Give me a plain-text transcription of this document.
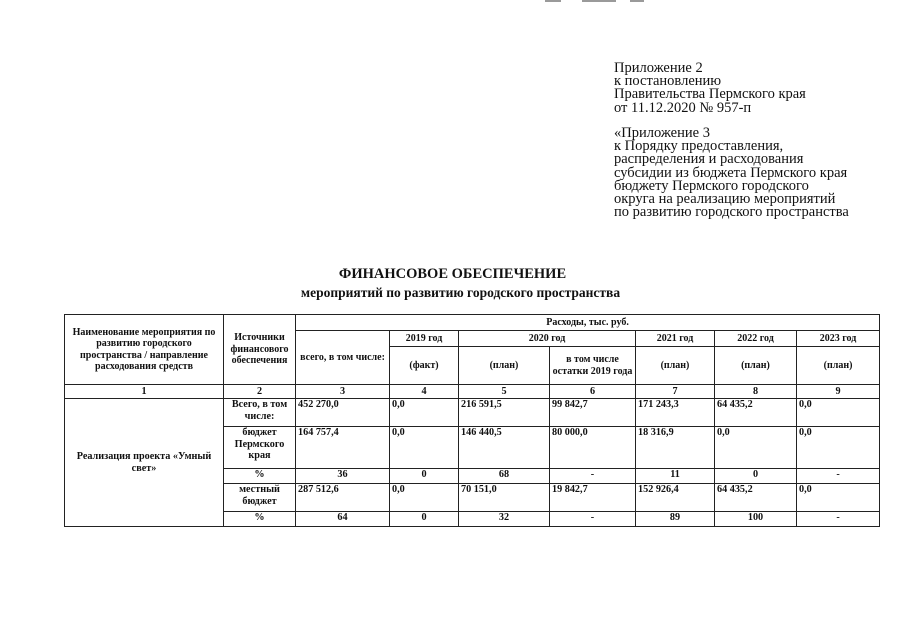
Приложение 2
к постановлению
Правительства Пермского края
от 11.12.2020 № 957-п
«Приложение 3
к Порядку предоставления,
распределения и расходования
субсидии из бюджета Пермского края
бюджету Пермского городского
округа на реализацию мероприятий
по развитию городского пространства
ФИНАНСОВОЕ ОБЕСПЕЧЕНИЕ
мероприятий по развитию городского пространства
Наименование мероприятия по развитию городского пространства / направление расходования средств	Источники финансового обеспечения	Расходы, тыс. руб.						
		всего, в том числе:	2019 год	2020 год		2021 год	2022 год	2023 год
			(факт)	(план)	в том числе остатки 2019 года	(план)	(план)	(план)

1	2	3	4	5	6	7	8	9
Реализация проекта «Умный свет»	Всего, в том числе:	452 270,0	0,0	216 591,5	99 842,7	171 243,3	64 435,2	0,0
	бюджет Пермского края	164 757,4	0,0	146 440,5	80 000,0	18 316,9	0,0	0,0
	%	36	0	68	-	11	0	-
	местный бюджет	287 512,6	0,0	70 151,0	19 842,7	152 926,4	64 435,2	0,0
	%	64	0	32	-	89	100	-
